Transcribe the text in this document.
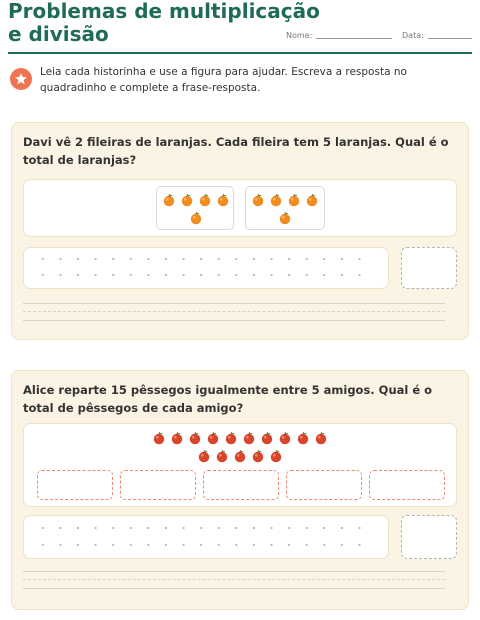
Problemas de multiplicação
e divisão	Nome:	Data:
Leia cada historinha e use a figura para ajudar. Escreva a resposta no quadradinho e complete a frase-resposta.
Davi vê 2 fileiras de laranjas. Cada fileira tem 5 laranjas. Qual é o total de laranjas?
Alice reparte 15 pêssegos igualmente entre 5 amigos. Qual é o total de pêssegos de cada amigo?
